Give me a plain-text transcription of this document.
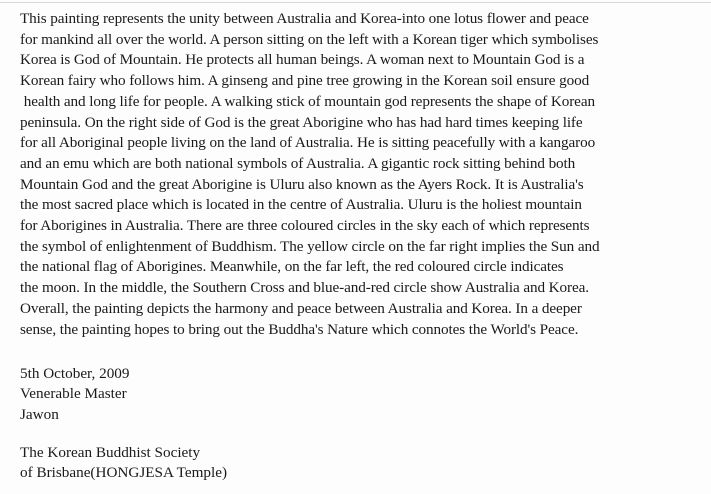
This painting represents the unity between Australia and Korea-into one lotus flower and peace
for mankind all over the world. A person sitting on the left with a Korean tiger which symbolises
Korea is God of Mountain. He protects all human beings. A woman next to Mountain God is a
Korean fairy who follows him. A ginseng and pine tree growing in the Korean soil ensure good
health and long life for people. A walking stick of mountain god represents the shape of Korean
peninsula. On the right side of God is the great Aborigine who has had hard times keeping life
for all Aboriginal people living on the land of Australia. He is sitting peacefully with a kangaroo
and an emu which are both national symbols of Australia. A gigantic rock sitting behind both
Mountain God and the great Aborigine is Uluru also known as the Ayers Rock. It is Australia's
the most sacred place which is located in the centre of Australia. Uluru is the holiest mountain
for Aborigines in Australia. There are three coloured circles in the sky each of which represents
the symbol of enlightenment of Buddhism. The yellow circle on the far right implies the Sun and
the national flag of Aborigines. Meanwhile, on the far left, the red coloured circle indicates
the moon. In the middle, the Southern Cross and blue-and-red circle show Australia and Korea.
Overall, the painting depicts the harmony and peace between Australia and Korea. In a deeper
sense, the painting hopes to bring out the Buddha's Nature which connotes the World's Peace.

5th October, 2009
Venerable Master
Jawon

The Korean Buddhist Society
of Brisbane(HONGJESA Temple)
